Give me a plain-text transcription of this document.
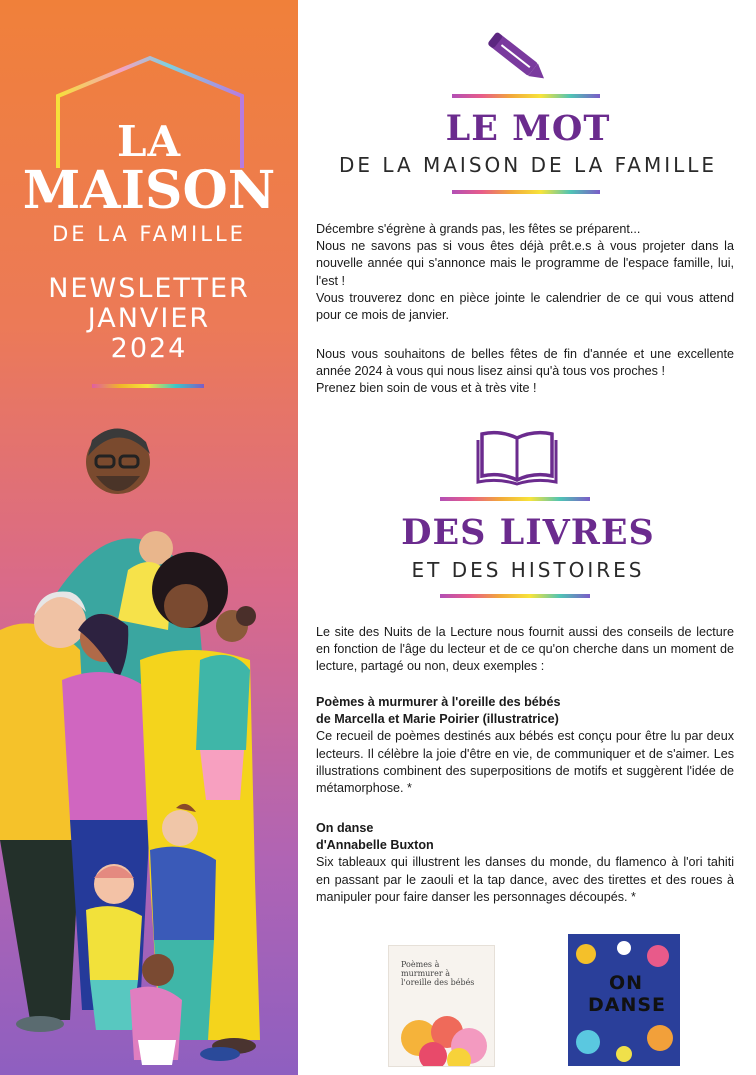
LA
MAISON
DE LA FAMILLE
NEWSLETTER
JANVIER
2024
LE MOT
DE LA MAISON DE LA FAMILLE

Décembre s'égrène à grands pas, les fêtes se préparent...

Nous ne savons pas si vous êtes déjà prêt.e.s à vous projeter dans la nouvelle année qui s'annonce mais le programme de l'espace famille, lui, l'est !

Vous trouverez donc en pièce jointe le calendrier de ce qui vous attend pour ce mois de janvier.

Nous vous souhaitons de belles fêtes de fin d'année et une excellente année 2024 à vous qui nous lisez ainsi qu'à tous vos proches !

Prenez bien soin de vous et à très vite !

DES LIVRES
ET DES HISTOIRES
Le site des Nuits de la Lecture nous fournit aussi des conseils de lecture en fonction de l'âge du lecteur et de ce qu'on cherche dans un moment de lecture, partagé ou non, deux exemples :

Poèmes à murmurer à l'oreille des bébés

de Marcella et Marie Poirier (illustratrice)

Ce recueil de poèmes destinés aux bébés est conçu pour être lu par deux lecteurs. Il célèbre la joie d'être en vie, de communiquer et de s'aimer. Les illustrations combinent des superpositions de motifs et suggèrent l'idée de métamorphose. *

On danse

d'Annabelle Buxton

Six tableaux qui illustrent les danses du monde, du flamenco à l'ori tahiti en passant par le zaouli et la tap dance, avec des tirettes et des roues à manipuler pour faire danser les personnages découpés. *

Poèmes à murmurer à l'oreille des bébés	ON DANSE
